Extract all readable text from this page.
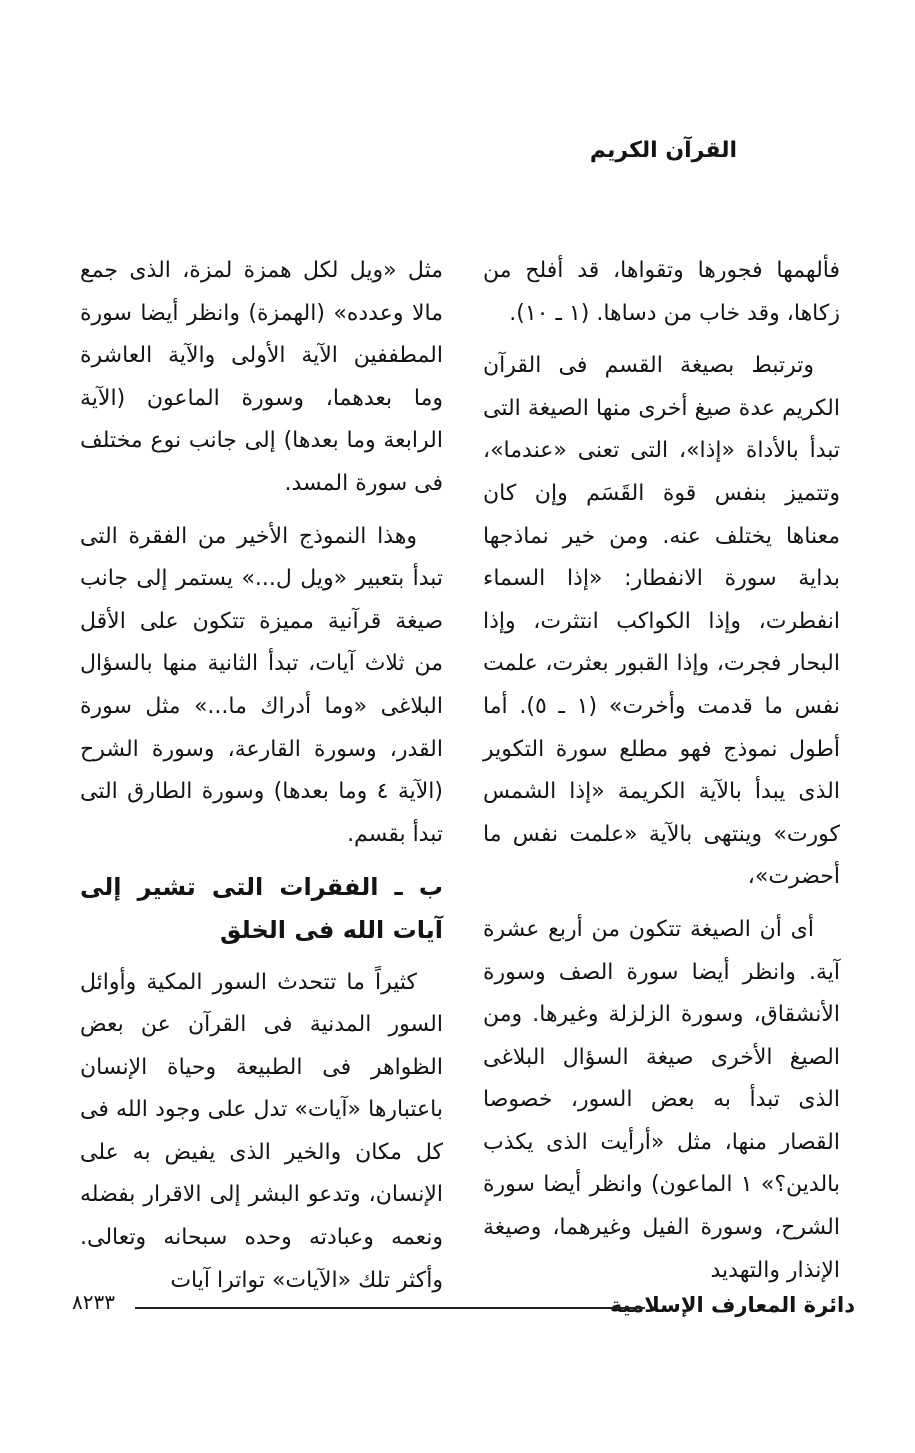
القرآن الكريم

فألهمها فجورها وتقواها، قد أفلح من زكاها، وقد خاب من دساها. (١ ـ ١٠).

وترتبط بصيغة القسم فى القرآن الكريم عدة صيغ أخرى منها الصيغة التى تبدأ بالأداة «إذا»، التى تعنى «عندما»، وتتميز بنفس قوة القَسَم وإن كان معناها يختلف عنه. ومن خير نماذجها بداية سورة الانفطار: «إذا السماء انفطرت، وإذا الكواكب انتثرت، وإذا البحار فجرت، وإذا القبور بعثرت، علمت نفس ما قدمت وأخرت» (١ ـ ٥). أما أطول نموذج فهو مطلع سورة التكوير الذى يبدأ بالآية الكريمة «إذا الشمس كورت» وينتهى بالآية «علمت نفس ما أحضرت»،

أى أن الصيغة تتكون من أربع عشرة آية. وانظر أيضا سورة الصف وسورة الأنشقاق، وسورة الزلزلة وغيرها. ومن الصيغ الأخرى صيغة السؤال البلاغى الذى تبدأ به بعض السور، خصوصا القصار منها، مثل «أرأيت الذى يكذب بالدين؟» ١ الماعون) وانظر أيضا سورة الشرح، وسورة الفيل وغيرهما، وصيغة الإنذار والتهديد

مثل «ويل لكل همزة لمزة، الذى جمع مالا وعدده» (الهمزة) وانظر أيضا سورة المطففين الآية الأولى والآية العاشرة وما بعدهما، وسورة الماعون (الآية الرابعة وما بعدها) إلى جانب نوع مختلف فى سورة المسد.

وهذا النموذج الأخير من الفقرة التى تبدأ بتعبير «ويل ل...» يستمر إلى جانب صيغة قرآنية مميزة تتكون على الأقل من ثلاث آيات، تبدأ الثانية منها بالسؤال البلاغى «وما أدراك ما...» مثل سورة القدر، وسورة القارعة، وسورة الشرح (الآية ٤ وما بعدها) وسورة الطارق التى تبدأ بقسم.

ب ـ الفقرات التى تشير إلى آيات الله فى الخلق

كثيراً ما تتحدث السور المكية وأوائل السور المدنية فى القرآن عن بعض الظواهر فى الطبيعة وحياة الإنسان باعتبارها «آيات» تدل على وجود الله فى كل مكان والخير الذى يفيض به على الإنسان، وتدعو البشر إلى الاقرار بفضله ونعمه وعبادته وحده سبحانه وتعالى. وأكثر تلك «الآيات» تواترا آيات

دائرة المعارف الإسلامية

٨٢٣٣
